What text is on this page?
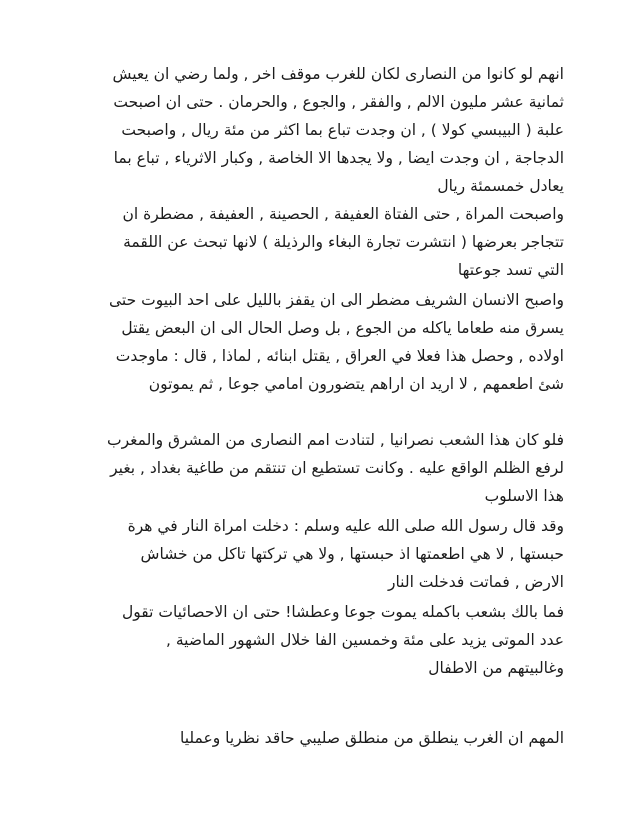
انهم لو كانوا من النصارى لكان للغرب موقف اخر , ولما رضي ان يعيش
ثمانية عشر مليون الالم , والفقر , والجوع , والحرمان . حتى ان اصبحت
علبة ( البيبسي كولا ) , ان وجدت تباع بما اكثر من مئة ريال , واصبحت
الدجاجة , ان وجدت ايضا , ولا يجدها الا الخاصة , وكبار الاثرياء , تباع بما
يعادل خمسمئة ريال
واصبحت المراة , حتى الفتاة العفيفة , الحصينة , العفيفة , مضطرة ان
تتجاجر بعرضها ( انتشرت تجارة البغاء والرذيلة ) لانها تبحث عن اللقمة
التي تسد جوعتها
واصبح الانسان الشريف مضطر الى ان يقفز بالليل على احد البيوت حتى
يسرق منه طعاما ياكله من الجوع , بل وصل الحال الى ان البعض يقتل
اولاده , وحصل هذا فعلا في العراق , يقتل ابنائه , لماذا , قال : ماوجدت
شئ اطعمهم , لا اريد ان اراهم يتضورون امامي جوعا , ثم يموتون
فلو كان هذا الشعب نصرانيا , لتنادت امم النصارى من المشرق والمغرب
لرفع الظلم الواقع عليه . وكانت تستطيع ان تنتقم من طاغية بغداد , بغير
هذا الاسلوب
وقد قال رسول الله صلى الله عليه وسلم : دخلت امراة النار في هرة
حبستها , لا هي اطعمتها اذ حبستها , ولا هي تركتها تاكل من خشاش
الارض , فماتت فدخلت النار
فما بالك بشعب باكمله يموت جوعا وعطشا! حتى ان الاحصائيات تقول
عدد الموتى يزيد على مئة وخمسين الفا خلال الشهور الماضية ,
وغالبيتهم من الاطفال
المهم ان الغرب ينطلق من منطلق صليبي حاقد نظريا وعمليا
